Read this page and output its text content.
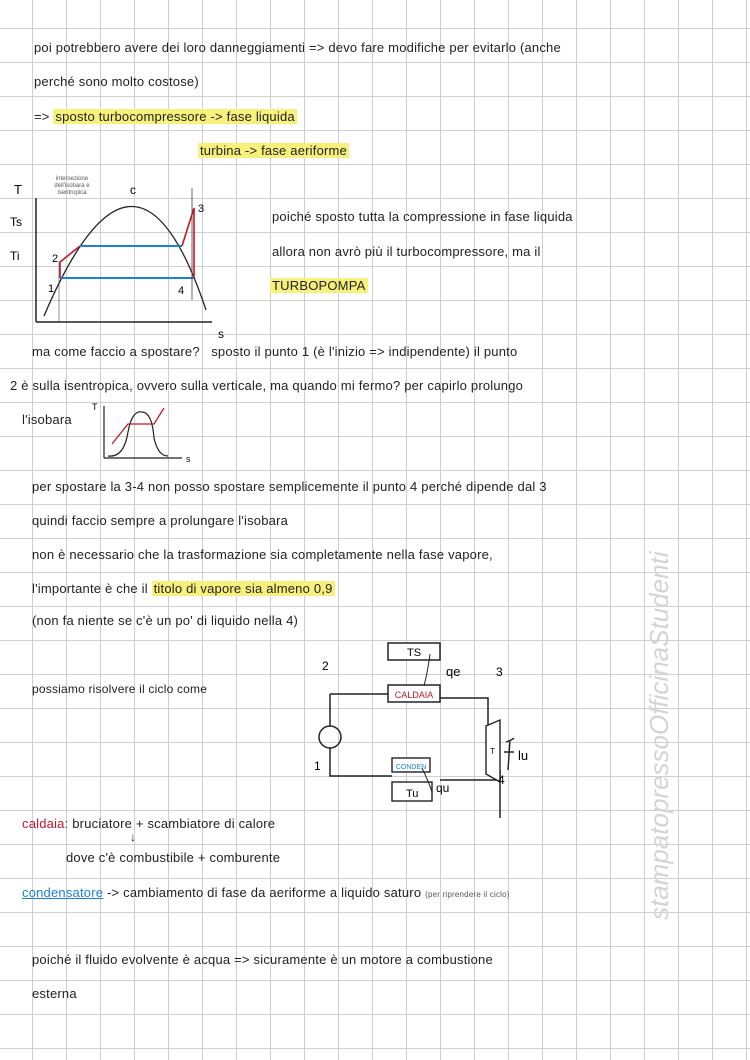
poi potrebbero avere dei loro danneggiamenti => devo fare modifiche per evitarlo (anche
perché sono molto costose)
=> sposto turbocompressore -> fase liquida
turbina -> fase aeriforme
T
s
Ts
Ti
c
1
2
3
4
intersezione dell'isobara e isentropica
poiché sposto tutta la compressione in fase liquida
allora non avrò più il turbocompressore, ma il
TURBOPOMPA
ma come faccio a spostare? sposto il punto 1 (è l'inizio => indipendente) il punto
2 è sulla isentropica, ovvero sulla verticale, ma quando mi fermo? per capirlo prolungo
l'isobara
T
s
per spostare la 3-4 non posso spostare semplicemente il punto 4 perché dipende dal 3
quindi faccio sempre a prolungare l'isobara
non è necessario che la trasformazione sia completamente nella fase vapore,
l'importante è che il titolo di vapore sia almeno 0,9
(non fa niente se c'è un po' di liquido nella 4)
possiamo risolvere il ciclo come	CALDAIA
TS
qe
T lu
CONDEN
Tu qu
2	3
1
4
caldaia: bruciatore + scambiatore di calore
↓
dove c'è combustibile + comburente
condensatore -> cambiamento di fase da aeriforme a liquido saturo (per riprendere il ciclo)
poiché il fluido evolvente è acqua => sicuramente è un motore a combustione
esterna
stampatopressoOfficinaStudenti
